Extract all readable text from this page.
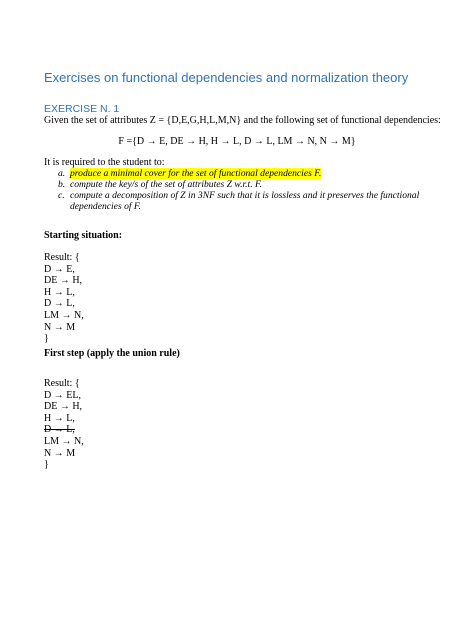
Exercises on functional dependencies and normalization theory
EXERCISE N. 1
Given the set of attributes Z = {D,E,G,H,L,M,N} and the following set of functional dependencies:
F ={D → E, DE → H, H → L, D → L, LM → N, N → M}
It is required to the student to:
a. produce a minimal cover for the set of functional dependencies F.
b. compute the key/s of the set of attributes Z w.r.t. F.
c. compute a decomposition of Z in 3NF such that it is lossless and it preserves the functional
dependencies of F.
Starting situation:
Result: {
D → E,
DE → H,
H → L,
D → L,
LM → N,
N → M
}
First step (apply the union rule)
Result: {
D → EL,
DE → H,
H → L,
D → L,
LM → N,
N → M
}
